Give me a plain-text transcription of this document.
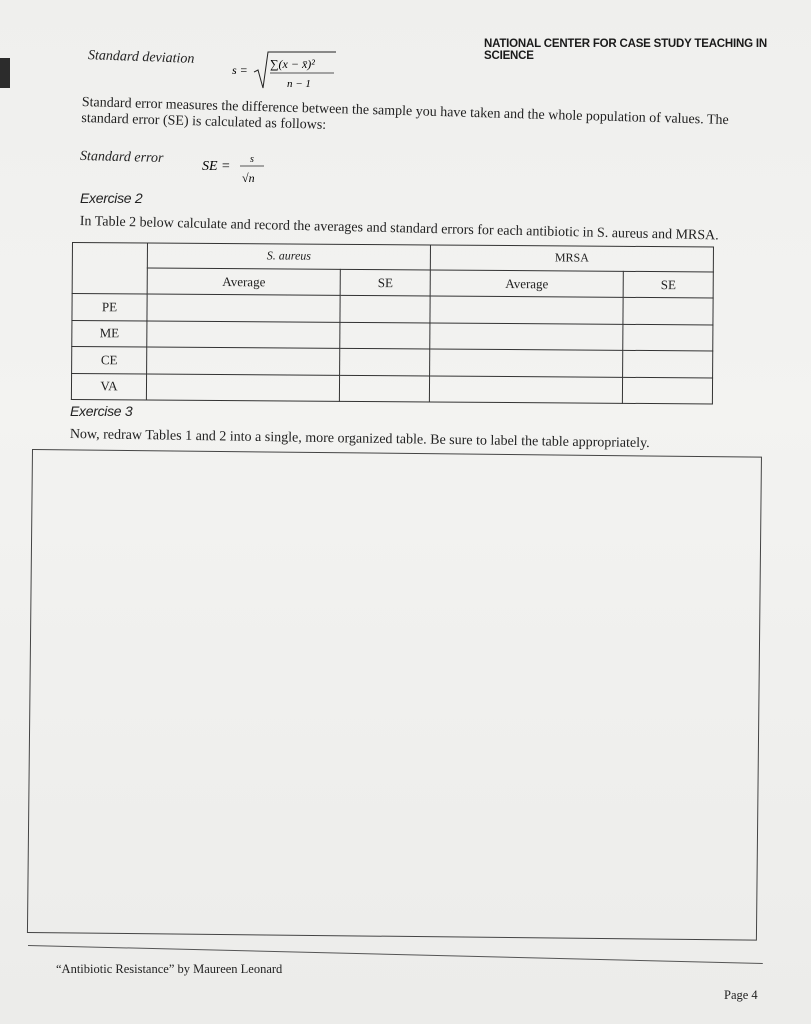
NATIONAL CENTER FOR CASE STUDY TEACHING IN SCIENCE
Standard deviation
s = ∑(x − x̄)²
n − 1
Standard error measures the difference between the sample you have taken and the whole population of values. The standard error (SE) is calculated as follows:
Standard error
SE = s
√n
Exercise 2
In Table 2 below calculate and record the averages and standard errors for each antibiotic in S. aureus and MRSA.
	S. aureus		MRSA	
	Average	SE	Average	SE
PE				
ME				
CE				
VA				
Exercise 3
Now, redraw Tables 1 and 2 into a single, more organized table. Be sure to label the table appropriately.
“Antibiotic Resistance” by Maureen Leonard
Page 4
